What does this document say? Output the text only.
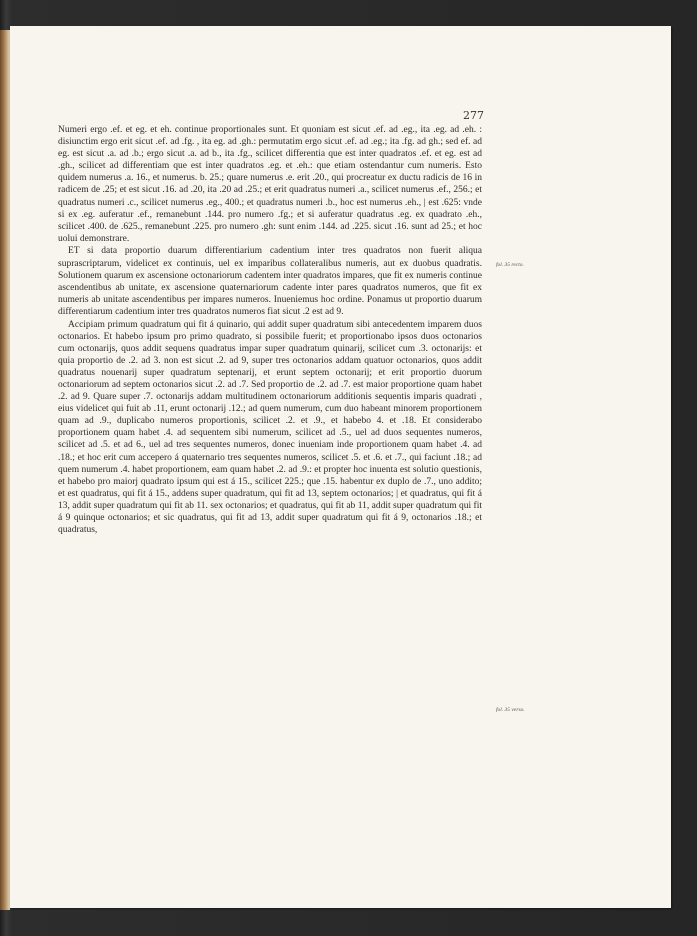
277

Numeri ergo .ef. et eg. et eh. continue proportionales sunt. Et quoniam est sicut .ef. ad .eg., ita .eg. ad .eh. : disiunctim ergo erit sicut .ef. ad .fg. , ita eg. ad .gh.: permutatim ergo sicut .ef. ad .eg.; ita .fg. ad gh.; sed ef. ad eg. est sicut .a. ad .b.; ergo sicut .a. ad b., ita .fg., scilicet differentia que est inter quadratos .ef. et eg. est ad .gh., scilicet ad differentiam que est inter quadratos .eg. et .eh.: que etiam ostendantur cum numeris. Esto quidem numerus .a. 16., et numerus. b. 25.; quare numerus .e. erit .20., qui procreatur ex ductu radicis de 16 in radicem de .25; et est sicut .16. ad .20, ita .20 ad .25.; et erit quadratus numeri .a., scilicet numerus .ef., 256.; et quadratus numeri .c., scilicet numerus .eg., 400.; et quadratus numeri .b., hoc est numerus .eh., | est .625: vnde si ex .eg. auferatur .ef., remanebunt .144. pro numero .fg.; et si auferatur quadratus .eg. ex quadrato .eh., scilicet .400. de .625., remanebunt .225. pro numero .gh: sunt enim .144. ad .225. sicut .16. sunt ad 25.; et hoc uolui demonstrare.

ET si data proportio duarum differentiarium cadentium inter tres quadratos non fuerit aliqua suprascriptarum, videlicet ex continuis, uel ex imparibus collateralibus numeris, aut ex duobus quadratis. Solutionem quarum ex ascensione octonariorum cadentem inter quadratos impares, que fit ex numeris continue ascendentibus ab unitate, ex ascensione quaternariorum cadente inter pares quadratos numeros, que fit ex numeris ab unitate ascendentibus per impares numeros. Inueniemus hoc ordine. Ponamus ut proportio duarum differentiarum cadentium inter tres quadratos numeros fiat sicut .2 est ad 9.

Accipiam primum quadratum qui fit á quinario, qui addit super quadratum sibi antecedentem imparem duos octonarios. Et habebo ipsum pro primo quadrato, si possibile fuerit; et proportionabo ipsos duos octonarios cum octonarijs, quos addit sequens quadratus impar super quadratum quinarij, scilicet cum .3. octonarijs: et quia proportio de .2. ad 3. non est sicut .2. ad 9, super tres octonarios addam quatuor octonarios, quos addit quadratus nouenarij super quadratum septenarij, et erunt septem octonarij; et erit proportio duorum octonariorum ad septem octonarios sicut .2. ad .7. Sed proportio de .2. ad .7. est maior proportione quam habet .2. ad 9. Quare super .7. octonarijs addam multitudinem octonariorum additionis sequentis imparis quadrati , eius videlicet qui fuit ab .11, erunt octonarij .12.; ad quem numerum, cum duo habeant minorem proportionem quam ad .9., duplicabo numeros proportionis, scilicet .2. et .9., et habebo 4. et .18. Et considerabo proportionem quam habet .4. ad sequentem sibi numerum, scilicet ad .5., uel ad duos sequentes numeros, scilicet ad .5. et ad 6., uel ad tres sequentes numeros, donec inueniam inde proportionem quam habet .4. ad .18.; et hoc erit cum accepero á quaternario tres sequentes numeros, scilicet .5. et .6. et .7., qui faciunt .18.; ad quem numerum .4. habet proportionem, eam quam habet .2. ad .9.: et propter hoc inuenta est solutio questionis, et habebo pro maiorj quadrato ipsum qui est á 15., scilicet 225.; que .15. habentur ex duplo de .7., uno addito; et est quadratus, qui fit á 15., addens super quadratum, qui fit ad 13, septem octonarios; | et quadratus, qui fit á 13, addit super quadratum qui fit ab 11. sex octonarios; et quadratus, qui fit ab 11, addit super quadratum qui fit á 9 quinque octonarios; et sic quadratus, qui fit ad 13, addit super quadratum qui fit á 9, octonarios .18.; et quadratus,

fol. 35 recto.
fol. 35 verso.
